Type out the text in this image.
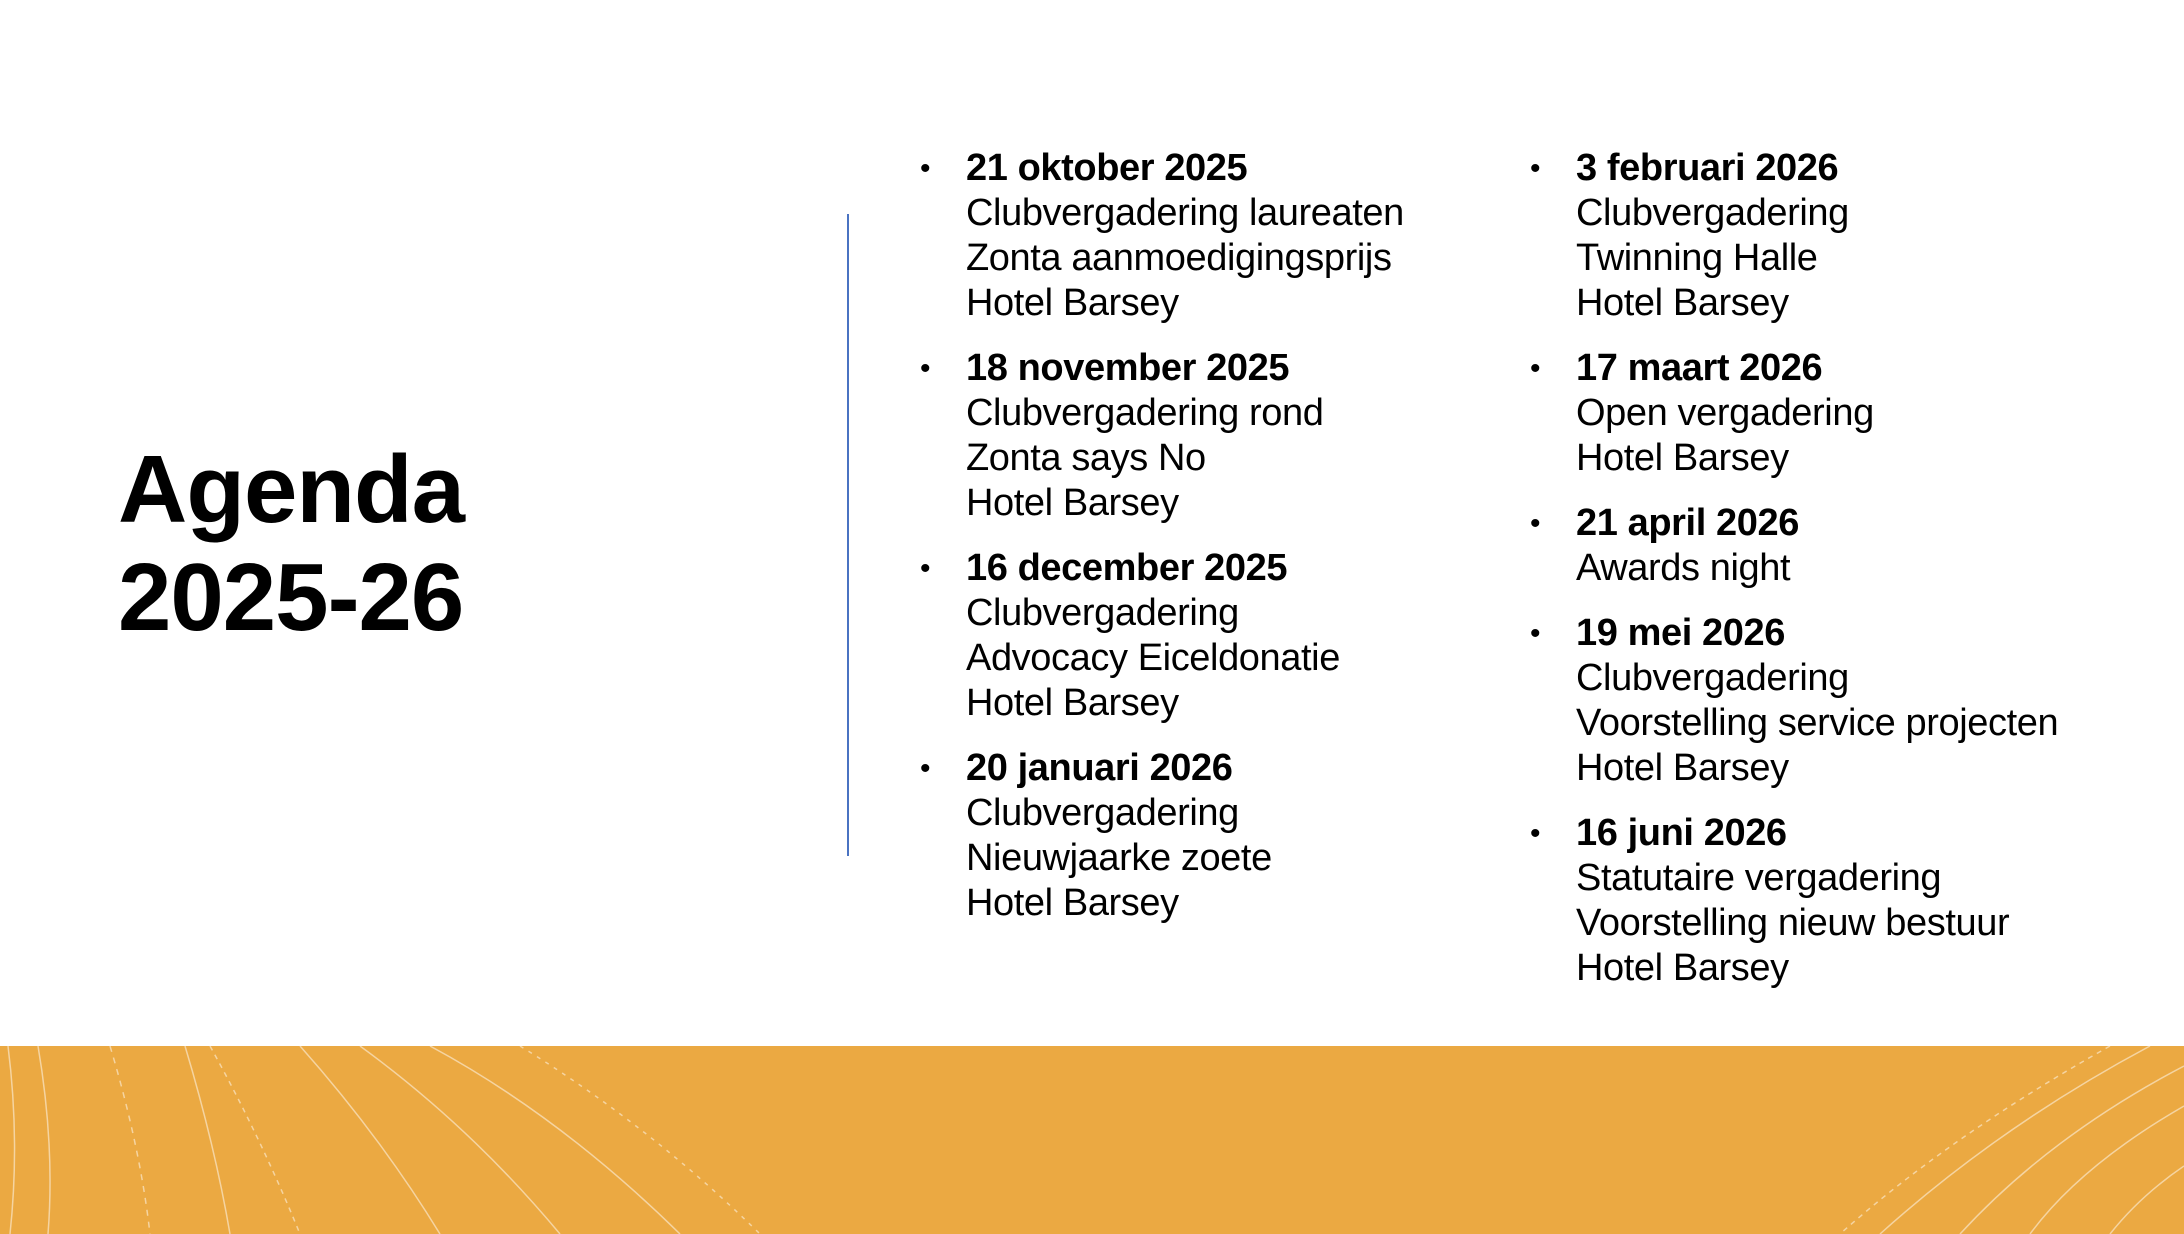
Agenda
2025-26
• 21 oktober 2025
Clubvergadering laureaten
Zonta aanmoedigingsprijs
Hotel Barsey
• 18 november 2025
Clubvergadering rond
Zonta says No
Hotel Barsey
• 16 december 2025
Clubvergadering
Advocacy Eiceldonatie
Hotel Barsey
• 20 januari 2026
Clubvergadering
Nieuwjaarke zoete
Hotel Barsey
• 3 februari 2026
Clubvergadering
Twinning Halle
Hotel Barsey
• 17 maart 2026
Open vergadering
Hotel Barsey
• 21 april 2026
Awards night
• 19 mei 2026
Clubvergadering
Voorstelling service projecten
Hotel Barsey
• 16 juni 2026
Statutaire vergadering
Voorstelling nieuw bestuur
Hotel Barsey
